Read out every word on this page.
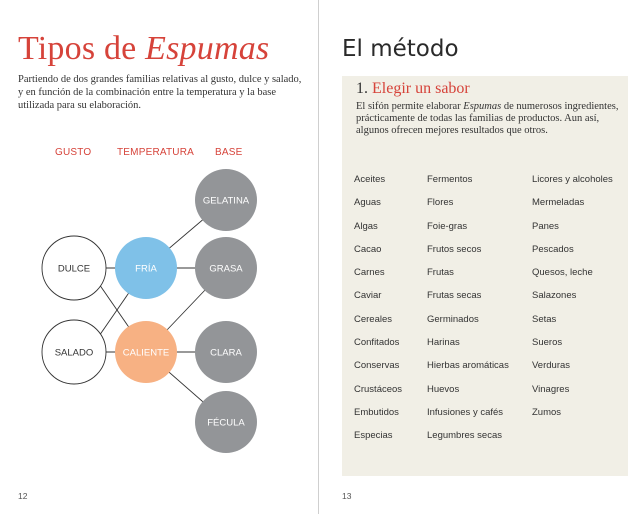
Tipos de Espumas

Partiendo de dos grandes familias relativas al gusto, dulce y salado, y en función de la combinación entre la temperatura y la base utilizada para su elaboración.

GUSTO	TEMPERATURA BASE
DULCE
SALADO
FRÍA
CALIENTE
GELATINA
GRASA
CLARA
FÉCULA
12
El método
1. Elegir un sabor

El sifón permite elaborar Espumas de numerosos ingredientes, prácticamente de todas las familias de productos. Aun así, algunos ofrecen mejores resultados que otros.

Aceites
Aguas
Algas
Cacao
Carnes
Caviar
Cereales
Confitados
Conservas
Crustáceos
Embutidos
Especias
Fermentos
Flores
Foie-gras
Frutos secos
Frutas
Frutas secas
Germinados
Harinas
Hierbas aromáticas
Huevos
Infusiones y cafés
Legumbres secas
Licores y alcoholes
Mermeladas
Panes
Pescados
Quesos, leche
Salazones
Setas
Sueros
Verduras
Vinagres
Zumos
13
